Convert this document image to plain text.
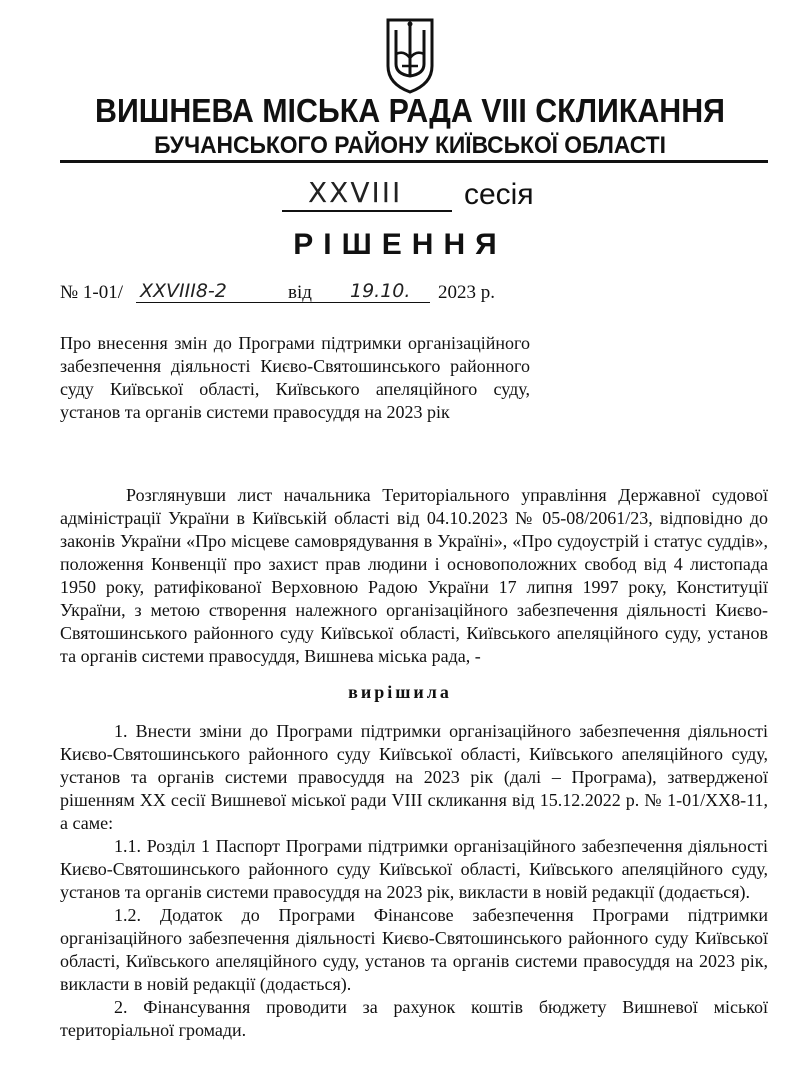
ВИШНЕВА МІСЬКА РАДА VIII СКЛИКАННЯ
БУЧАНСЬКОГО РАЙОНУ КИЇВСЬКОЇ ОБЛАСТІ
XXVIII сесія
РІШЕННЯ
№ 1-01/ XXVIII8-2	від 19.10. 2023 р.
Про внесення змін до Програми підтримки організаційного забезпечення діяльності Києво-Святошинського районного суду Київської області, Київського апеляційного суду, установ та органів системи правосуддя на 2023 рік
Розглянувши лист начальника Територіального управління Державної судової адміністрації України в Київській області від 04.10.2023 № 05-08/2061/23, відповідно до законів України «Про місцеве самоврядування в Україні», «Про судоустрій і статус суддів», положення Конвенції про захист прав людини і основоположних свобод від 4 листопада 1950 року, ратифікованої Верховною Радою України 17 липня 1997 року, Конституції України, з метою створення належного організаційного забезпечення діяльності Києво-Святошинського районного суду Київської області, Київського апеляційного суду, установ та органів системи правосуддя, Вишнева міська рада, -
вирішила

1. Внести зміни до Програми підтримки організаційного забезпечення діяльності Києво-Святошинського районного суду Київської області, Київського апеляційного суду, установ та органів системи правосуддя на 2023 рік (далі – Програма), затвердженої рішенням XX сесії Вишневої міської ради VIII скликання від 15.12.2022 р. № 1-01/XX8-11, а саме:

1.1. Розділ 1 Паспорт Програми підтримки організаційного забезпечення діяльності Києво-Святошинського районного суду Київської області, Київського апеляційного суду, установ та органів системи правосуддя на 2023 рік, викласти в новій редакції (додається).

1.2. Додаток до Програми Фінансове забезпечення Програми підтримки організаційного забезпечення діяльності Києво-Святошинського районного суду Київської області, Київського апеляційного суду, установ та органів системи правосуддя на 2023 рік, викласти в новій редакції (додається).

2. Фінансування проводити за рахунок коштів бюджету Вишневої міської територіальної громади.
